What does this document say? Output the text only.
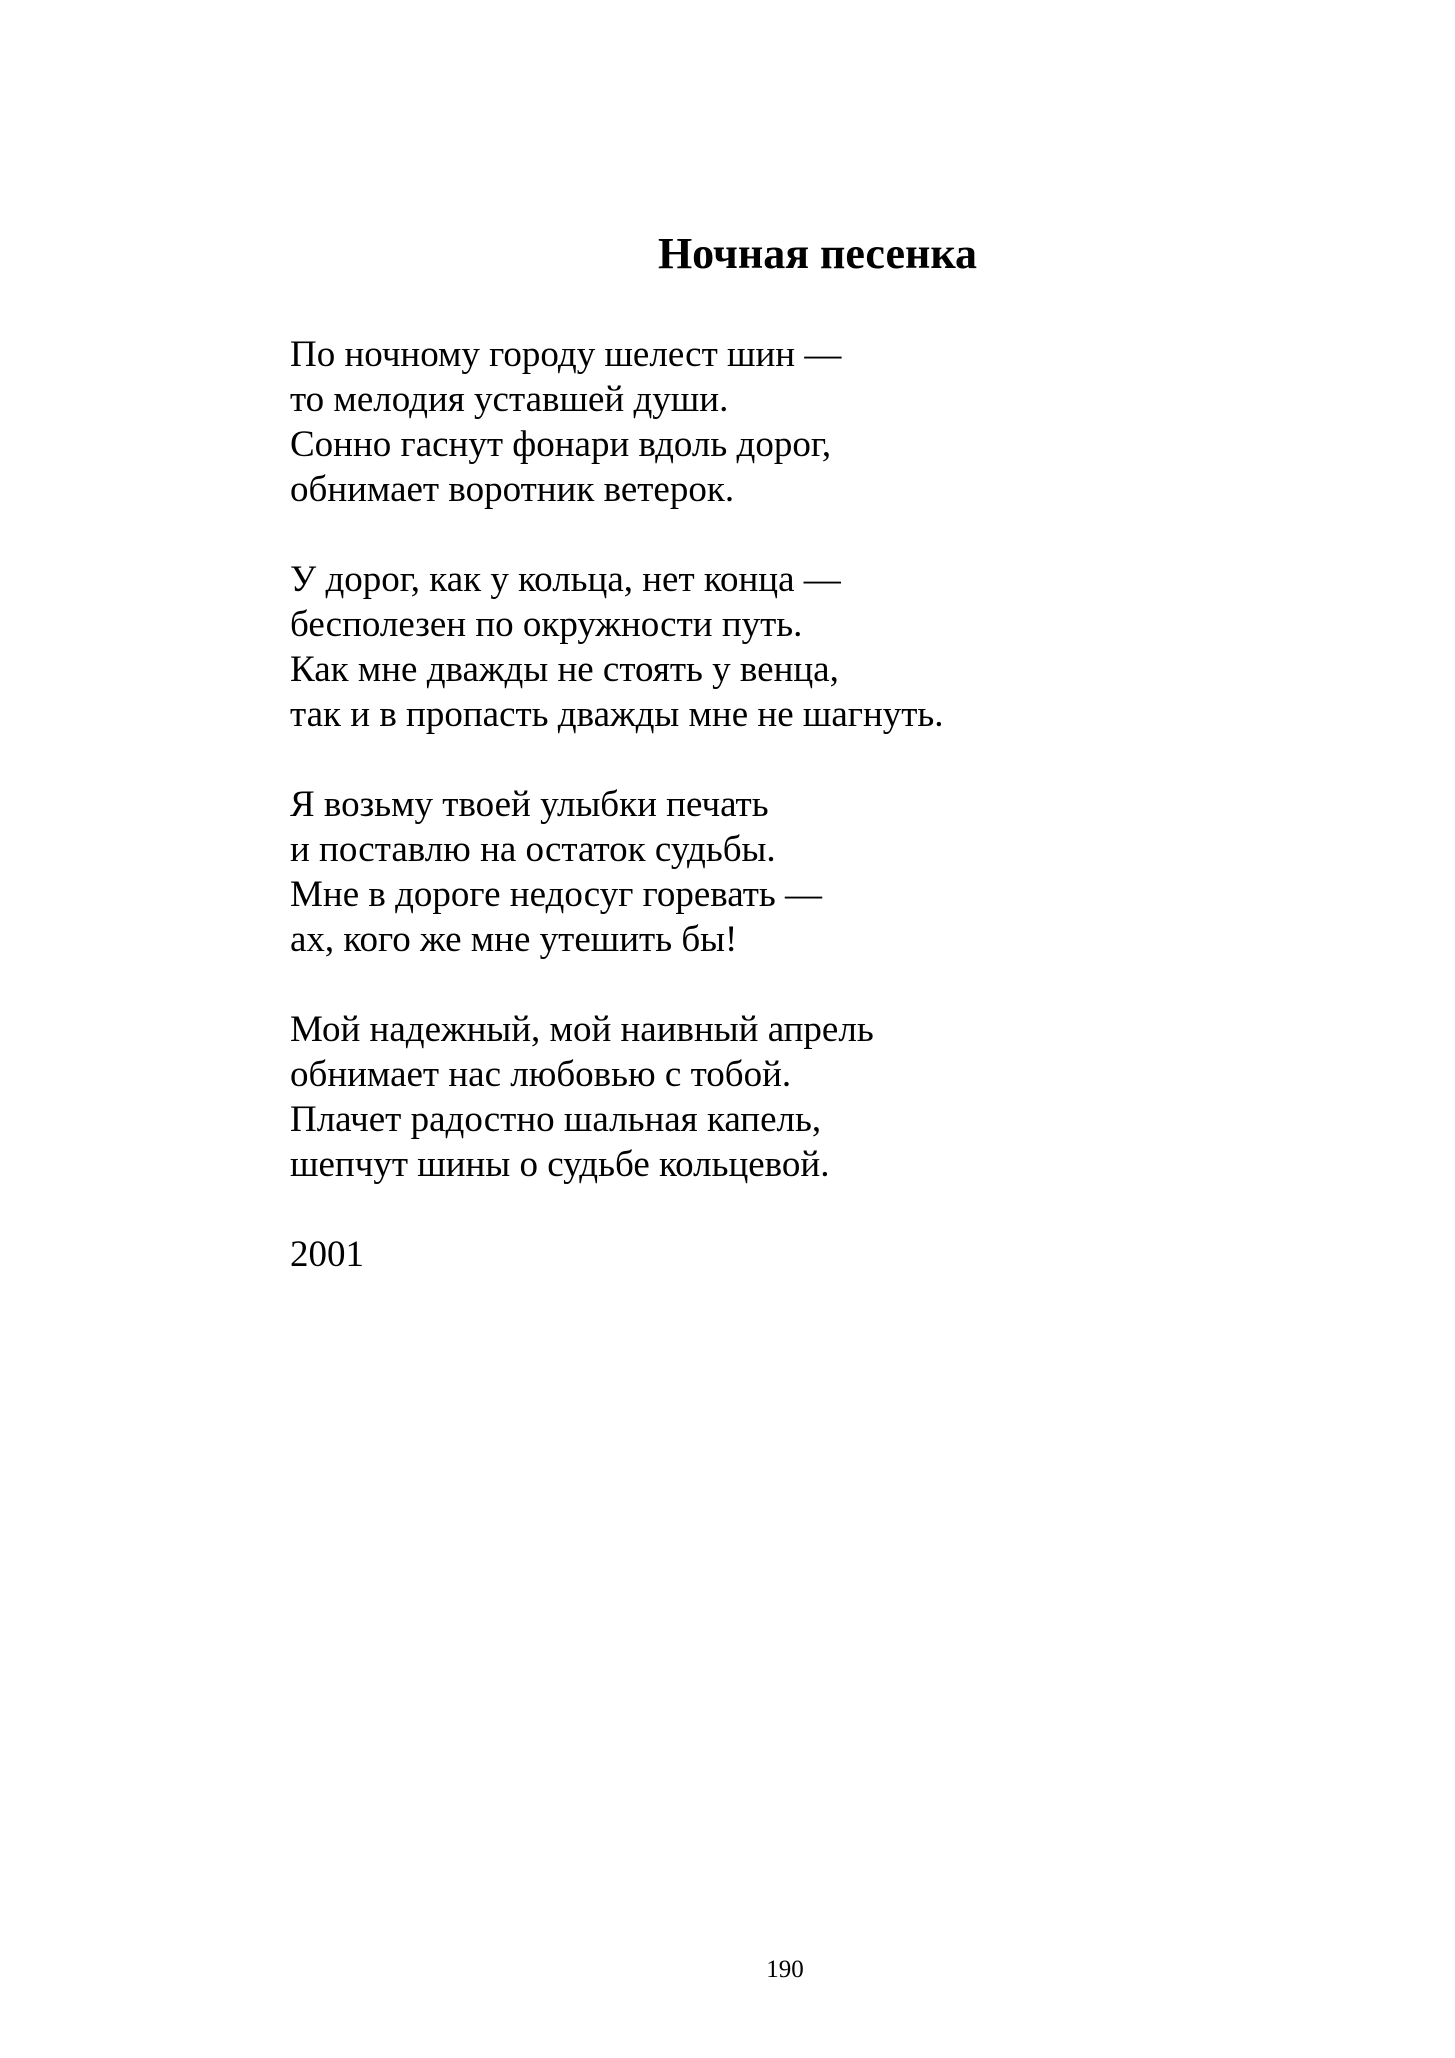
Ночная песенка
По ночному городу шелест шин —
то мелодия уставшей души.
Сонно гаснут фонари вдоль дорог,
обнимает воротник ветерок.
У дорог, как у кольца, нет конца —
бесполезен по окружности путь.
Как мне дважды не стоять у венца,
так и в пропасть дважды мне не шагнуть.
Я возьму твоей улыбки печать
и поставлю на остаток судьбы.
Мне в дороге недосуг горевать —
ах, кого же мне утешить бы!
Мой надежный, мой наивный апрель
обнимает нас любовью с тобой.
Плачет радостно шальная капель,
шепчут шины о судьбе кольцевой.

2001

190
